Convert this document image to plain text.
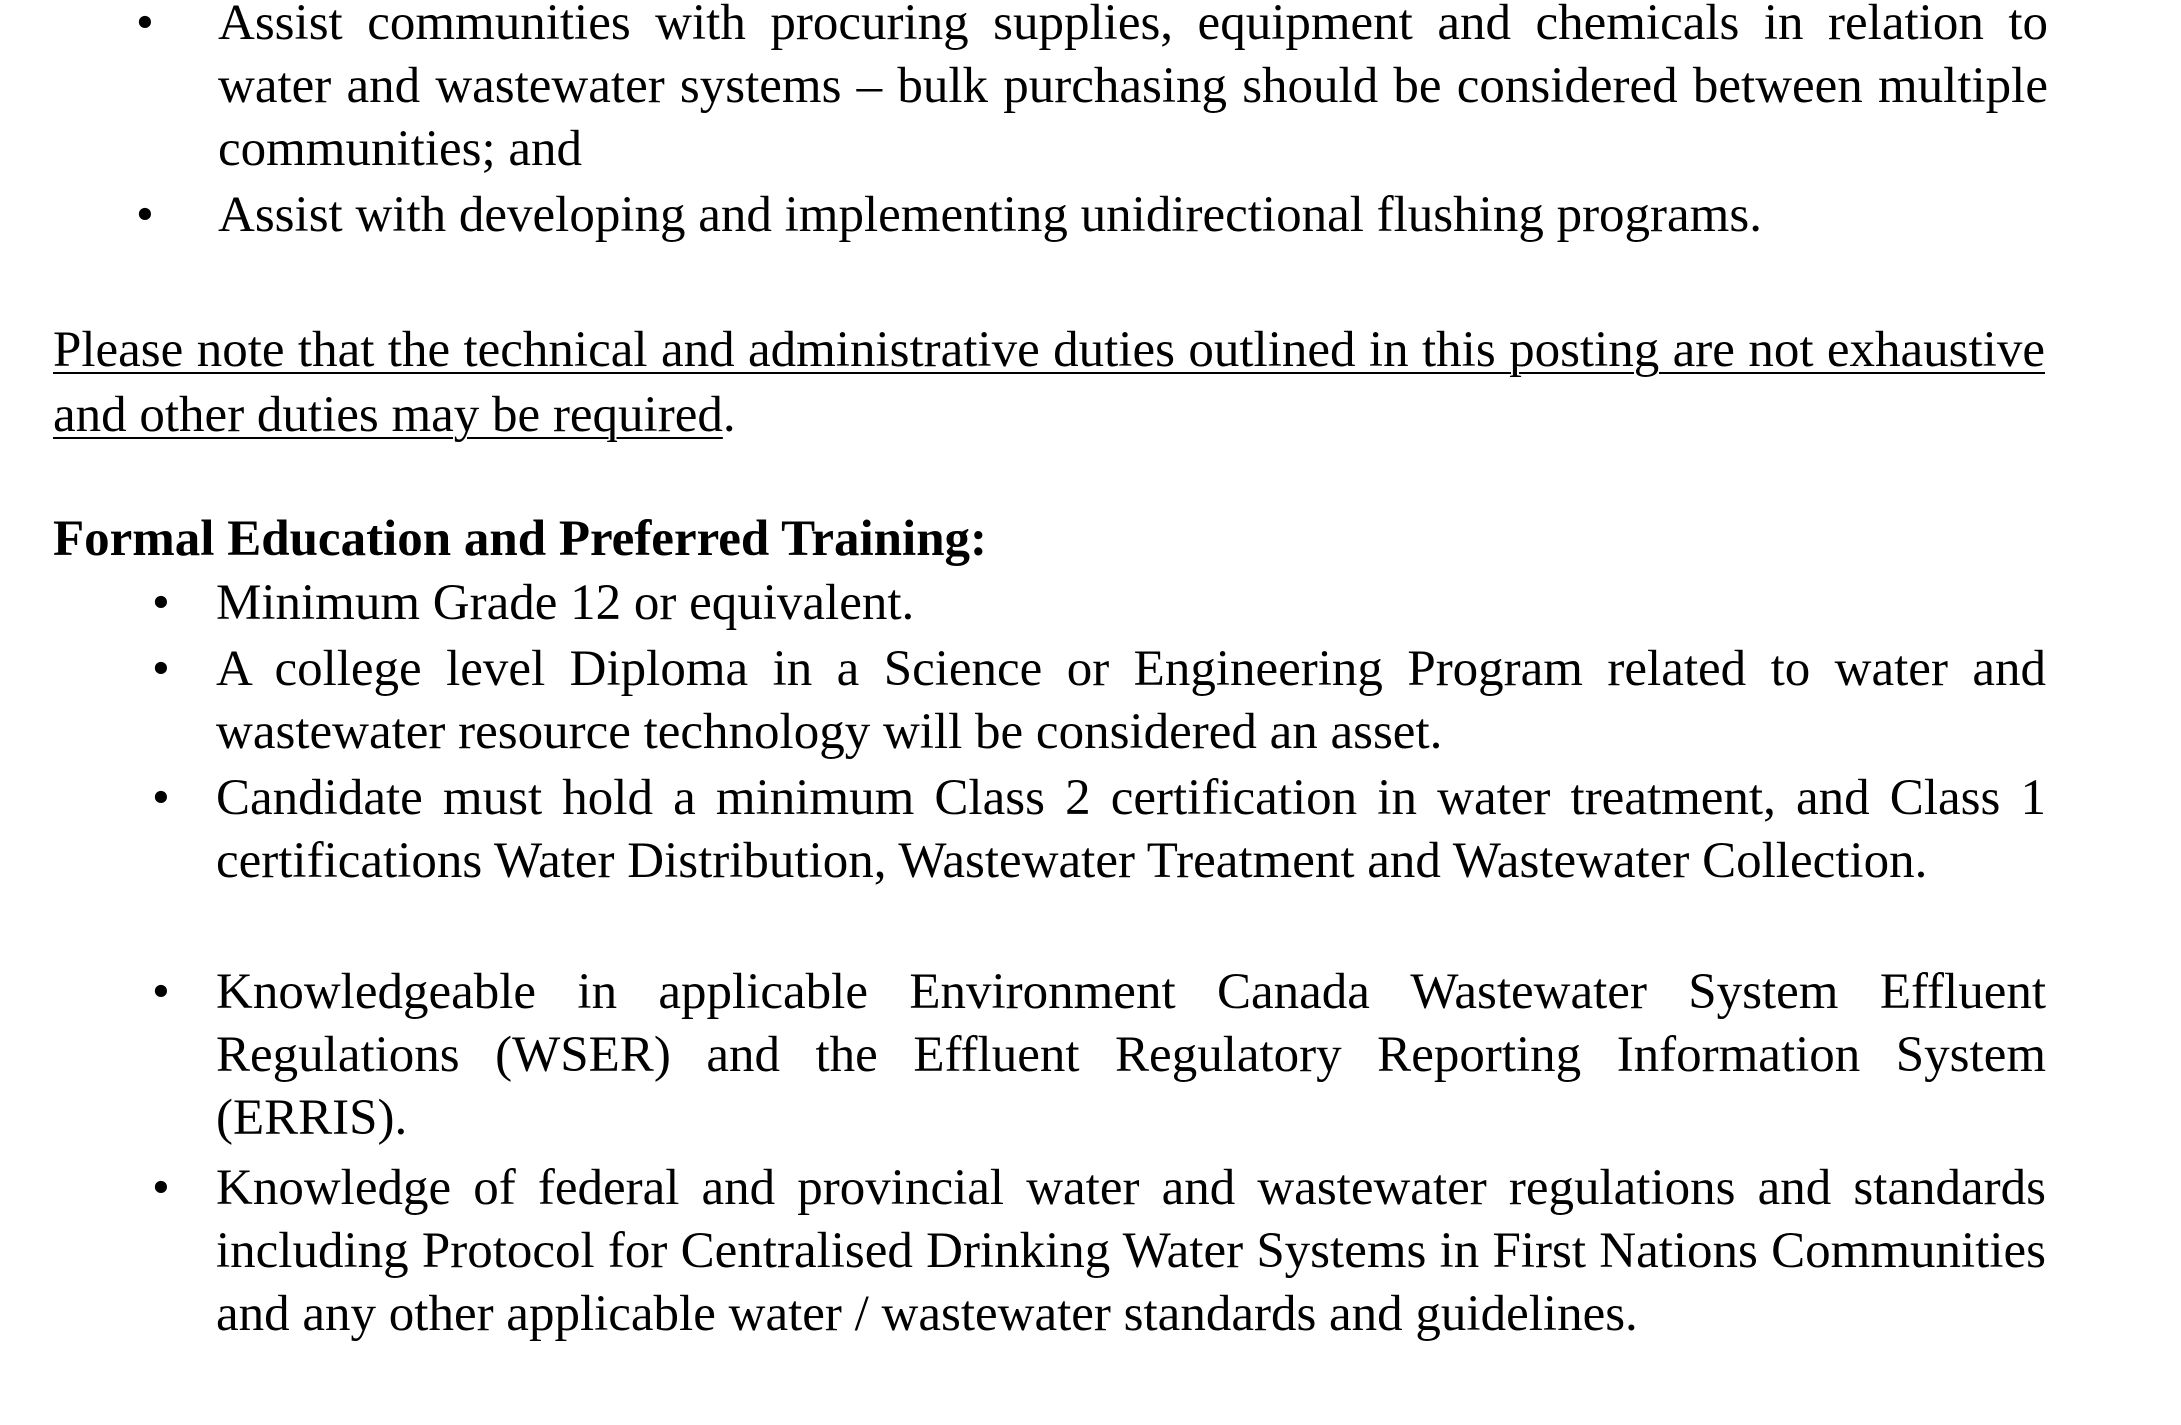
• Assist communities with procuring supplies, equipment and chemicals in relation to water and wastewater systems – bulk purchasing should be considered between multiple communities; and
• Assist with developing and implementing unidirectional flushing programs.
Please note that the technical and administrative duties outlined in this posting are not exhaustive and other duties may be required.
Formal Education and Preferred Training:
• Minimum Grade 12 or equivalent.
• A college level Diploma in a Science or Engineering Program related to water and wastewater resource technology will be considered an asset.
• Candidate must hold a minimum Class 2 certification in water treatment, and Class 1 certifications Water Distribution, Wastewater Treatment and Wastewater Collection.
• Knowledgeable in applicable Environment Canada Wastewater System Effluent Regulations (WSER) and the Effluent Regulatory Reporting Information System (ERRIS).
• Knowledge of federal and provincial water and wastewater regulations and standards including Protocol for Centralised Drinking Water Systems in First Nations Communities and any other applicable water / wastewater standards and guidelines.
